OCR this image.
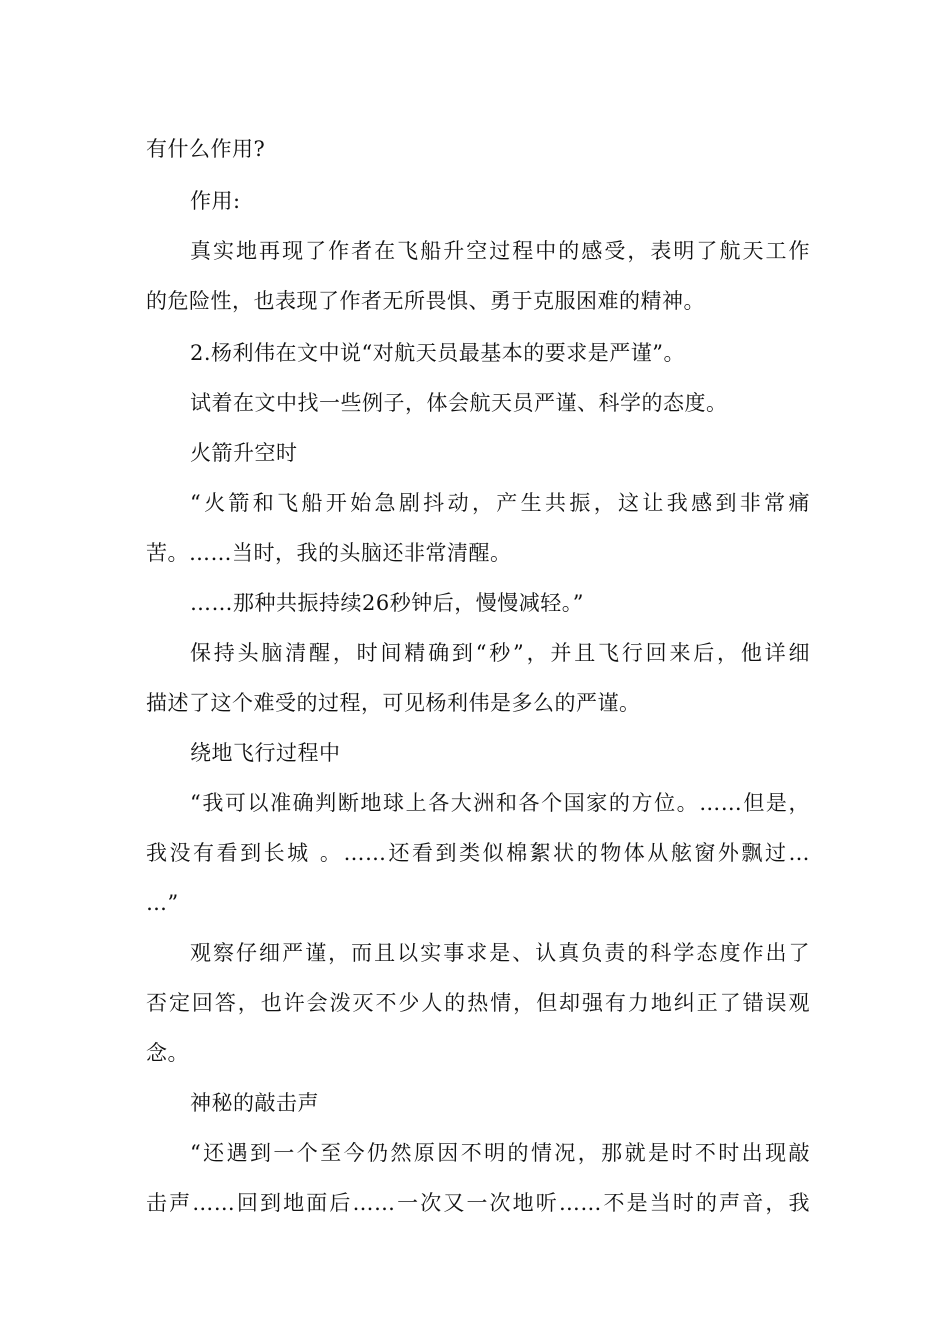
有什么作用?
作用:
真实地再现了作者在飞船升空过程中的感受，表明了航天工作
的危险性，也表现了作者无所畏惧、勇于克服困难的精神。
2.杨利伟在文中说“对航天员最基本的要求是严谨”。
试着在文中找一些例子，体会航天员严谨、科学的态度。
火箭升空时
“火箭和飞船开始急剧抖动，产生共振，这让我感到非常痛
苦。……当时，我的头脑还非常清醒。
……那种共振持续26秒钟后，慢慢减轻。”
保持头脑清醒，时间精确到“秒”，并且飞行回来后，他详细
描述了这个难受的过程，可见杨利伟是多么的严谨。
绕地飞行过程中
“我可以准确判断地球上各大洲和各个国家的方位。……但是，
我没有看到长城 。……还看到类似棉絮状的物体从舷窗外飘过…
…”
观察仔细严谨，而且以实事求是、认真负责的科学态度作出了
否定回答，也许会泼灭不少人的热情，但却强有力地纠正了错误观
念。
神秘的敲击声
“还遇到一个至今仍然原因不明的情况，那就是时不时出现敲
击声……回到地面后……一次又一次地听……不是当时的声音，我
